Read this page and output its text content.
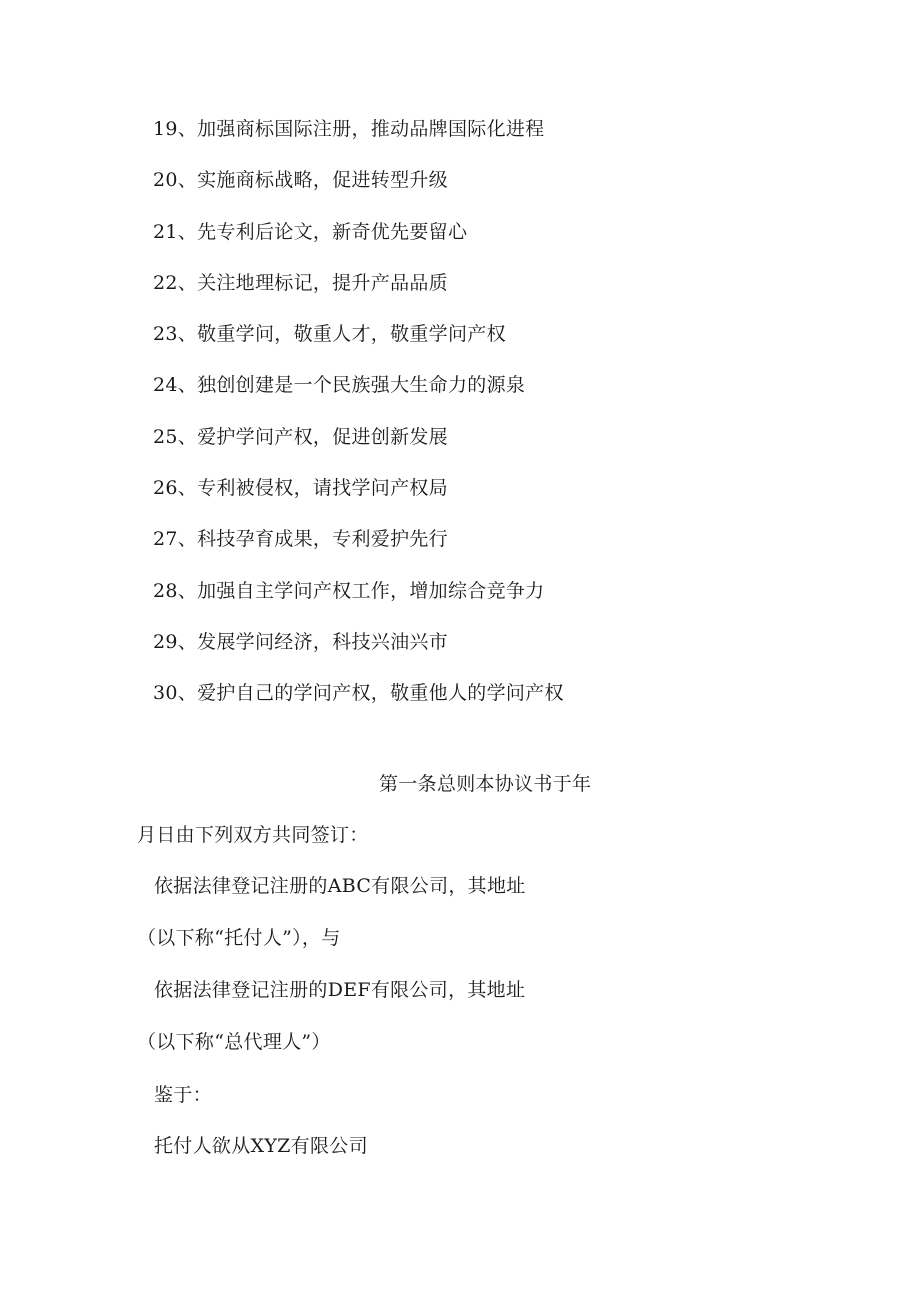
19、加强商标国际注册，推动品牌国际化进程
20、实施商标战略，促进转型升级
21、先专利后论文，新奇优先要留心
22、关注地理标记，提升产品品质
23、敬重学问，敬重人才，敬重学问产权
24、独创创建是一个民族强大生命力的源泉
25、爱护学问产权，促进创新发展
26、专利被侵权，请找学问产权局
27、科技孕育成果，专利爱护先行
28、加强自主学问产权工作，增加综合竞争力
29、发展学问经济，科技兴油兴市
30、爱护自己的学问产权，敬重他人的学问产权
第一条总则本协议书于年
月日由下列双方共同签订：
依据法律登记注册的ABC有限公司，其地址
（以下称“托付人”），与
依据法律登记注册的DEF有限公司，其地址
（以下称“总代理人”）
鉴于：
托付人欲从XYZ有限公司
